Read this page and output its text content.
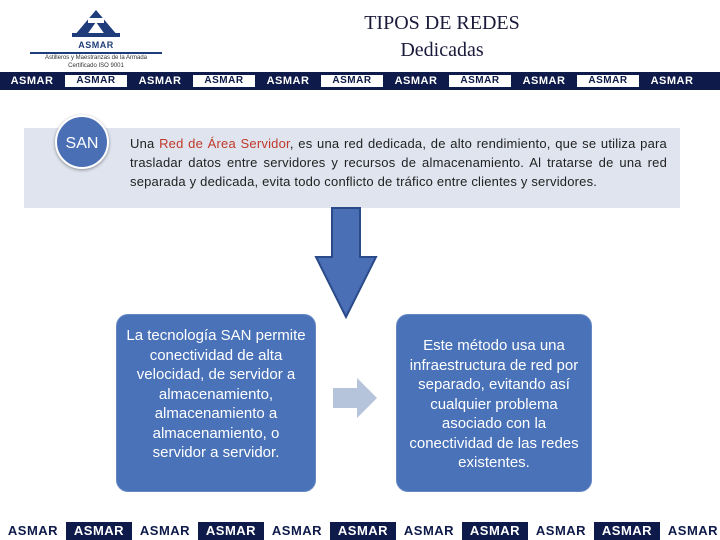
ASMAR
Astilleros y Maestranzas de la Armada
Certificado ISO 9001
TIPOS DE REDES
Dedicadas
ASMAR	ASMAR	ASMAR	ASMAR	ASMAR	ASMAR	ASMAR	ASMAR	ASMAR	ASMAR	ASMAR
SAN	Una Red de Área Servidor, es una red dedicada, de alto rendimiento, que se utiliza para trasladar datos entre servidores y recursos de almacenamiento. Al tratarse de una red separada y dedicada, evita todo conflicto de tráfico entre clientes y servidores.
La tecnología SAN permite conectividad de alta velocidad, de servidor a almacenamiento, almacenamiento a almacenamiento, o servidor a servidor.
Este método usa una infraestructura de red por separado, evitando así cualquier problema asociado con la conectividad de las redes existentes.
ASMAR	ASMAR	ASMAR	ASMAR	ASMAR	ASMAR	ASMAR	ASMAR	ASMAR	ASMAR	ASMAR
